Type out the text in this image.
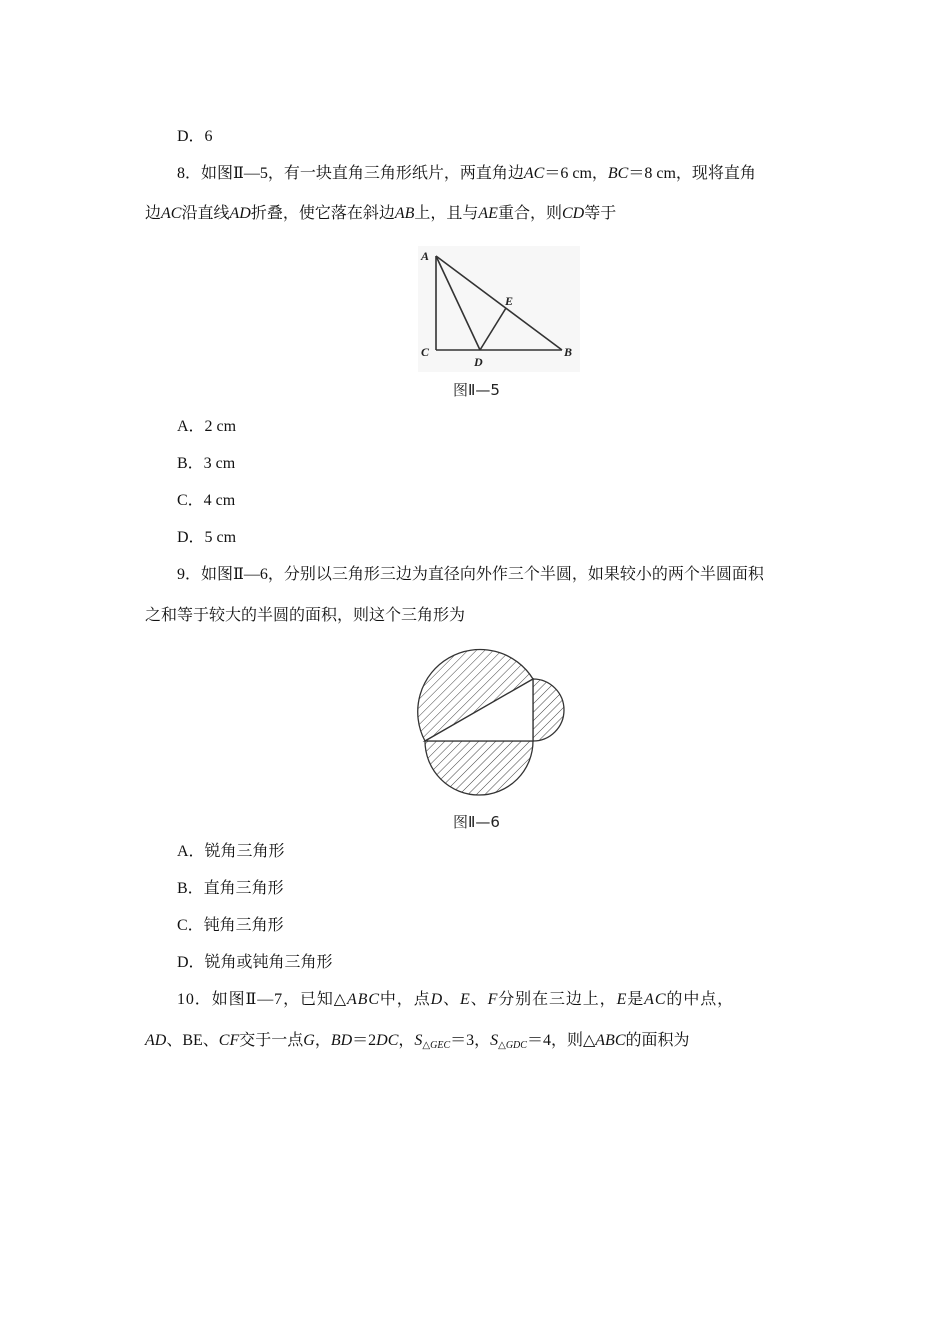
D．6
8．如图Ⅱ—5，有一块直角三角形纸片，两直角边AC＝6 cm，BC＝8 cm，现将直角
边AC沿直线AD折叠，使它落在斜边AB上，且与AE重合，则CD等于
A
C
D
E
B
图Ⅱ—5
A．2 cm
B．3 cm
C．4 cm
D．5 cm
9．如图Ⅱ—6，分别以三角形三边为直径向外作三个半圆，如果较小的两个半圆面积
之和等于较大的半圆的面积，则这个三角形为
图Ⅱ—6
A．锐角三角形
B．直角三角形
C．钝角三角形
D．锐角或钝角三角形
10．如图Ⅱ—7，已知△ABC中，点D、E、F分别在三边上，E是AC的中点，
AD、BE、CF交于一点G，BD＝2DC，$S_{\triangle GEC}=3$，$S_{\triangle GDC}=4$，则△ABC的面积为
